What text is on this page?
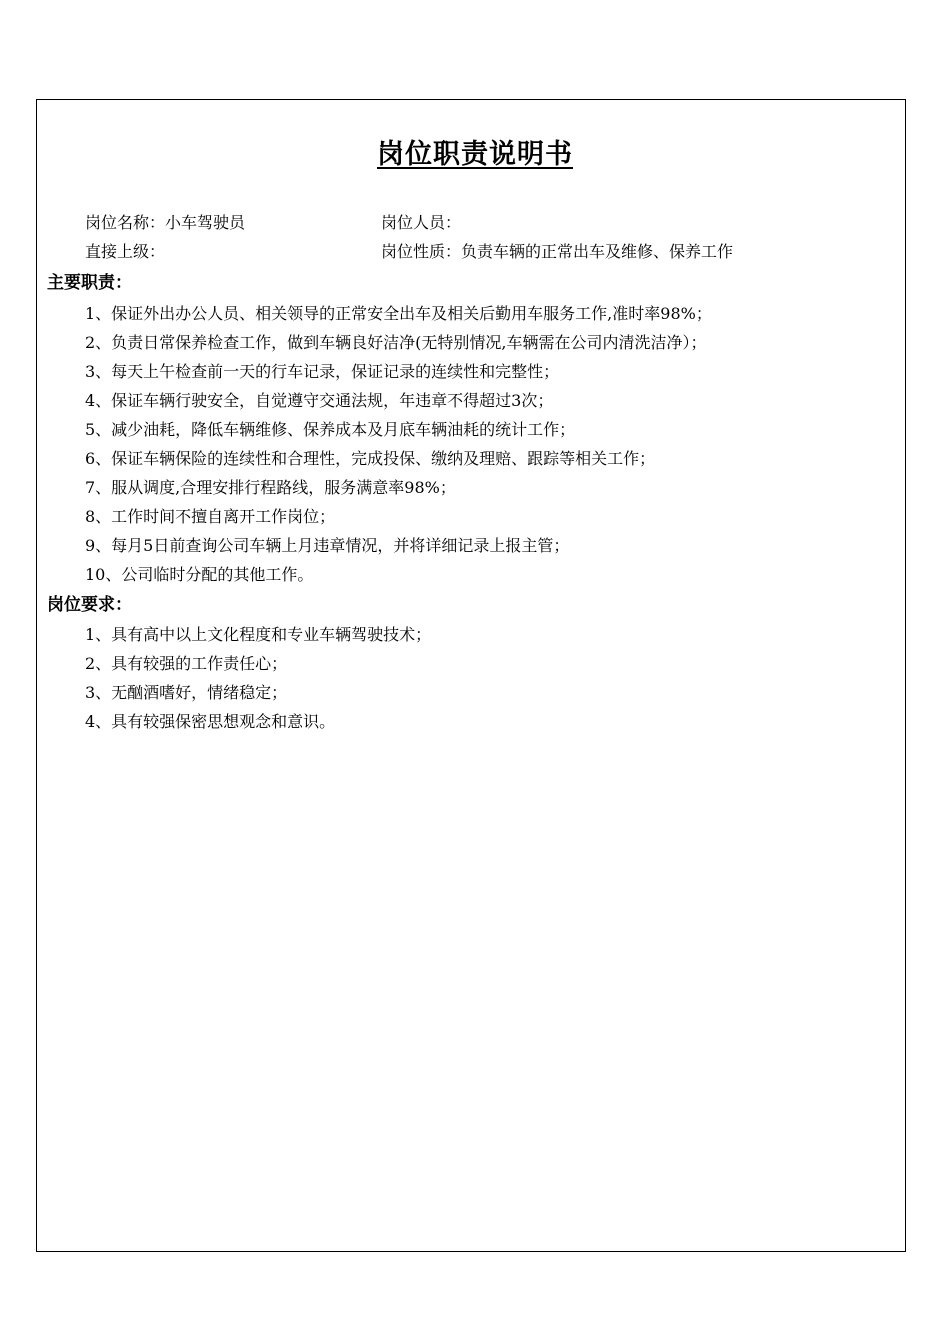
岗位职责说明书
岗位名称：小车驾驶员	岗位人员：
直接上级：	岗位性质：负责车辆的正常出车及维修、保养工作
主要职责：
1、保证外出办公人员、相关领导的正常安全出车及相关后勤用车服务工作,准时率98%；
2、负责日常保养检查工作，做到车辆良好洁净(无特别情况,车辆需在公司内清洗洁净）；
3、每天上午检查前一天的行车记录，保证记录的连续性和完整性；
4、保证车辆行驶安全，自觉遵守交通法规，年违章不得超过3次；
5、减少油耗，降低车辆维修、保养成本及月底车辆油耗的统计工作；
6、保证车辆保险的连续性和合理性，完成投保、缴纳及理赔、跟踪等相关工作；
7、服从调度,合理安排行程路线，服务满意率98%；
8、工作时间不擅自离开工作岗位；
9、每月5日前查询公司车辆上月违章情况，并将详细记录上报主管；
10、公司临时分配的其他工作。
岗位要求：
1、具有高中以上文化程度和专业车辆驾驶技术；
2、具有较强的工作责任心；
3、无酗酒嗜好，情绪稳定；
4、具有较强保密思想观念和意识。
